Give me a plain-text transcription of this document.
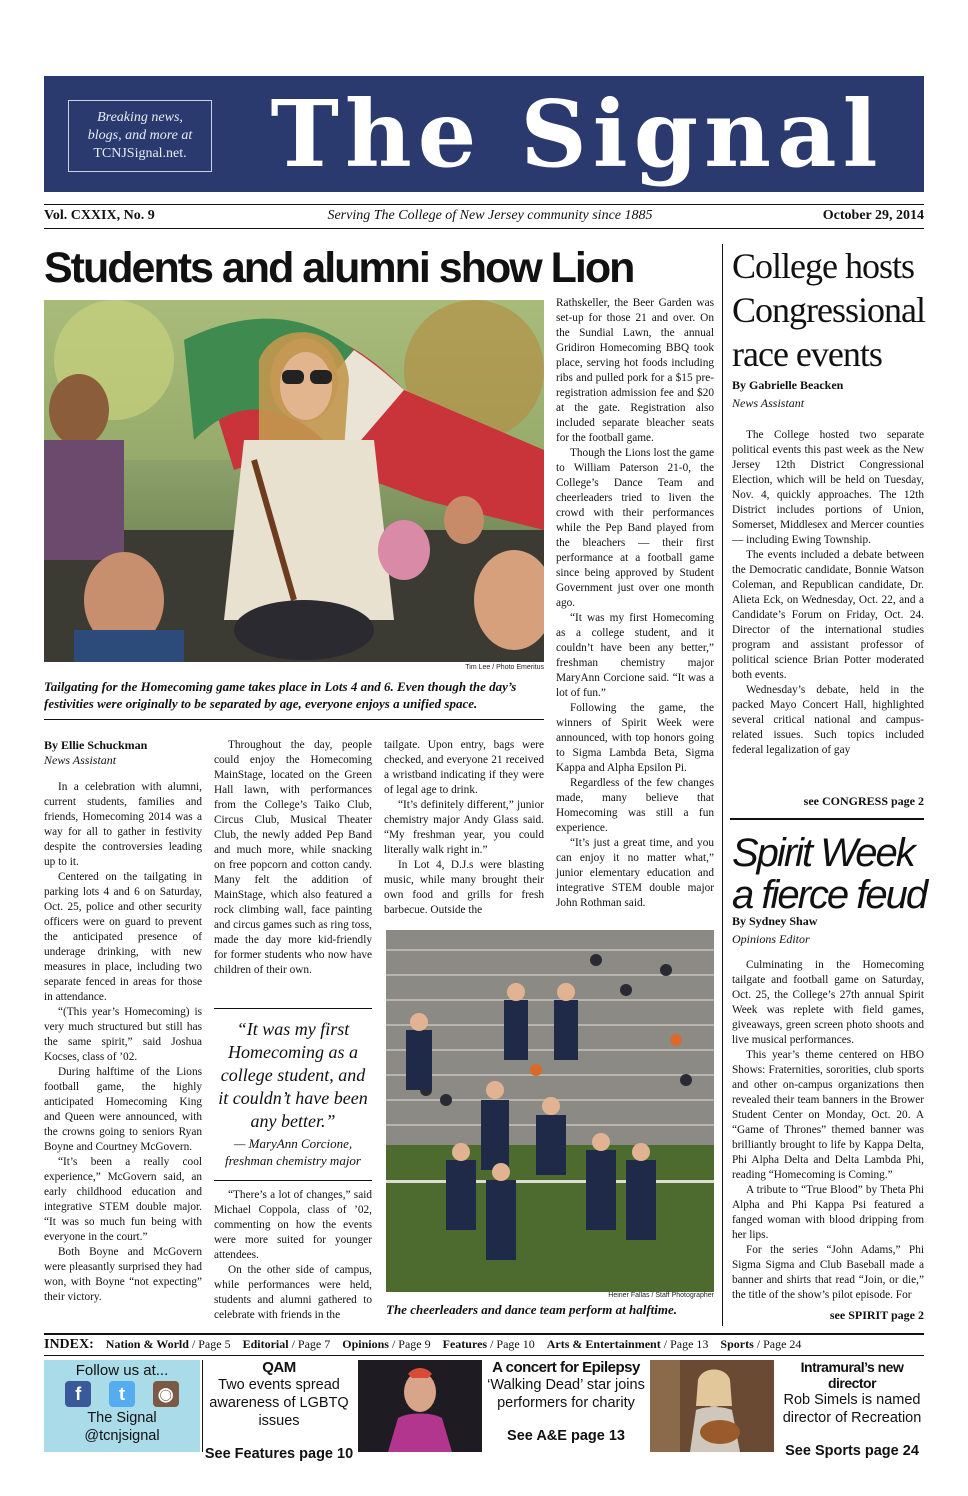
Breaking news,
blogs, and more at
TCNJSignal.net. The Signal
Vol. CXXIX, No. 9	Serving The College of New Jersey community since 1885	October 29, 2014
Students and alumni show Lion
Tim Lee / Photo Emeritus
Tailgating for the Homecoming game takes place in Lots 4 and 6. Even though the day’s festivities were originally to be separated by age, everyone enjoys a unified space.
By Ellie Schuckman
News Assistant

In a celebration with alumni, current students, families and friends, Homecoming 2014 was a way for all to gather in festivity despite the controversies leading up to it.

Centered on the tailgating in parking lots 4 and 6 on Saturday, Oct. 25, police and other security officers were on guard to prevent the anticipated presence of underage drinking, with new measures in place, including two separate fenced in areas for those in attendance.

“(This year’s Homecoming) is very much structured but still has the same spirit,” said Joshua Kocses, class of ’02.

During halftime of the Lions football game, the highly anticipated Homecoming King and Queen were announced, with the crowns going to seniors Ryan Boyne and Courtney McGovern.

“It’s been a really cool experience,” McGovern said, an early childhood education and integrative STEM double major. “It was so much fun being with everyone in the court.”

Both Boyne and McGovern were pleasantly surprised they had won, with Boyne “not expecting” their victory.

Throughout the day, people could enjoy the Homecoming MainStage, located on the Green Hall lawn, with performances from the College’s Taiko Club, Circus Club, Musical Theater Club, the newly added Pep Band and much more, while snacking on free popcorn and cotton candy. Many felt the addition of MainStage, which also featured a rock climbing wall, face painting and circus games such as ring toss, made the day more kid-friendly for former students who now have children of their own.

“It was my first Homecoming as a college student, and it couldn’t have been any better.”
— MaryAnn Corcione, freshman chemistry major

“There’s a lot of changes,” said Michael Coppola, class of ’02, commenting on how the events were more suited for younger attendees.

On the other side of campus, while performances were held, students and alumni gathered to celebrate with friends in the

tailgate. Upon entry, bags were checked, and everyone 21 received a wristband indicating if they were of legal age to drink.

“It’s definitely different,” junior chemistry major Andy Glass said. “My freshman year, you could literally walk right in.”

In Lot 4, D.J.s were blasting music, while many brought their own food and grills for fresh barbecue. Outside the

Rathskeller, the Beer Garden was set-up for those 21 and over. On the Sundial Lawn, the annual Gridiron Homecoming BBQ took place, serving hot foods including ribs and pulled pork for a $15 pre-registration admission fee and $20 at the gate. Registration also included separate bleacher seats for the football game.

Though the Lions lost the game to William Paterson 21-0, the College’s Dance Team and cheerleaders tried to liven the crowd with their performances while the Pep Band played from the bleachers — their first performance at a football game since being approved by Student Government just over one month ago.

“It was my first Homecoming as a college student, and it couldn’t have been any better,” freshman chemistry major MaryAnn Corcione said. “It was a lot of fun.”

Following the game, the winners of Spirit Week were announced, with top honors going to Sigma Lambda Beta, Sigma Kappa and Alpha Epsilon Pi.

Regardless of the few changes made, many believe that Homecoming was still a fun experience.

“It’s just a great time, and you can enjoy it no matter what,” junior elementary education and integrative STEM double major John Rothman said.

Heiner Fallas / Staff Photographer
The cheerleaders and dance team perform at halftime.
College hosts Congressional race events
By Gabrielle Beacken
News Assistant

The College hosted two separate political events this past week as the New Jersey 12th District Congressional Election, which will be held on Tuesday, Nov. 4, quickly approaches. The 12th District includes portions of Union, Somerset, Middlesex and Mercer counties — including Ewing Township.

The events included a debate between the Democratic candidate, Bonnie Watson Coleman, and Republican candidate, Dr. Alieta Eck, on Wednesday, Oct. 22, and a Candidate’s Forum on Friday, Oct. 24. Director of the international studies program and assistant professor of political science Brian Potter moderated both events.

Wednesday’s debate, held in the packed Mayo Concert Hall, highlighted several critical national and campus-related issues. Such topics included federal legalization of gay

see CONGRESS page 2
Spirit Week
a fierce feud
By Sydney Shaw
Opinions Editor

Culminating in the Homecoming tailgate and football game on Saturday, Oct. 25, the College’s 27th annual Spirit Week was replete with field games, giveaways, green screen photo shoots and live musical performances.

This year’s theme centered on HBO Shows: Fraternities, sororities, club sports and other on-campus organizations then revealed their team banners in the Brower Student Center on Monday, Oct. 20. A “Game of Thrones” themed banner was brilliantly brought to life by Kappa Delta, Phi Alpha Delta and Delta Lambda Phi, reading “Homecoming is Coming.”

A tribute to “True Blood” by Theta Phi Alpha and Phi Kappa Psi featured a fanged woman with blood dripping from her lips.

For the series “John Adams,” Phi Sigma Sigma and Club Baseball made a banner and shirts that read “Join, or die,” the title of the show’s pilot episode. For

see SPIRIT page 2
INDEX: Nation & World / Page 5 Editorial / Page 7 Opinions / Page 9 Features / Page 10 Arts & Entertainment / Page 13 Sports / Page 24
Follow us at...
f t ◉
The Signal
@tcnjsignal
QAM
Two events spread awareness of LGBTQ issues
See Features page 10
A concert for Epilepsy
‘Walking Dead’ star joins performers for charity
See A&E page 13
Intramural’s new director
Rob Simels is named director of Recreation
See Sports page 24
